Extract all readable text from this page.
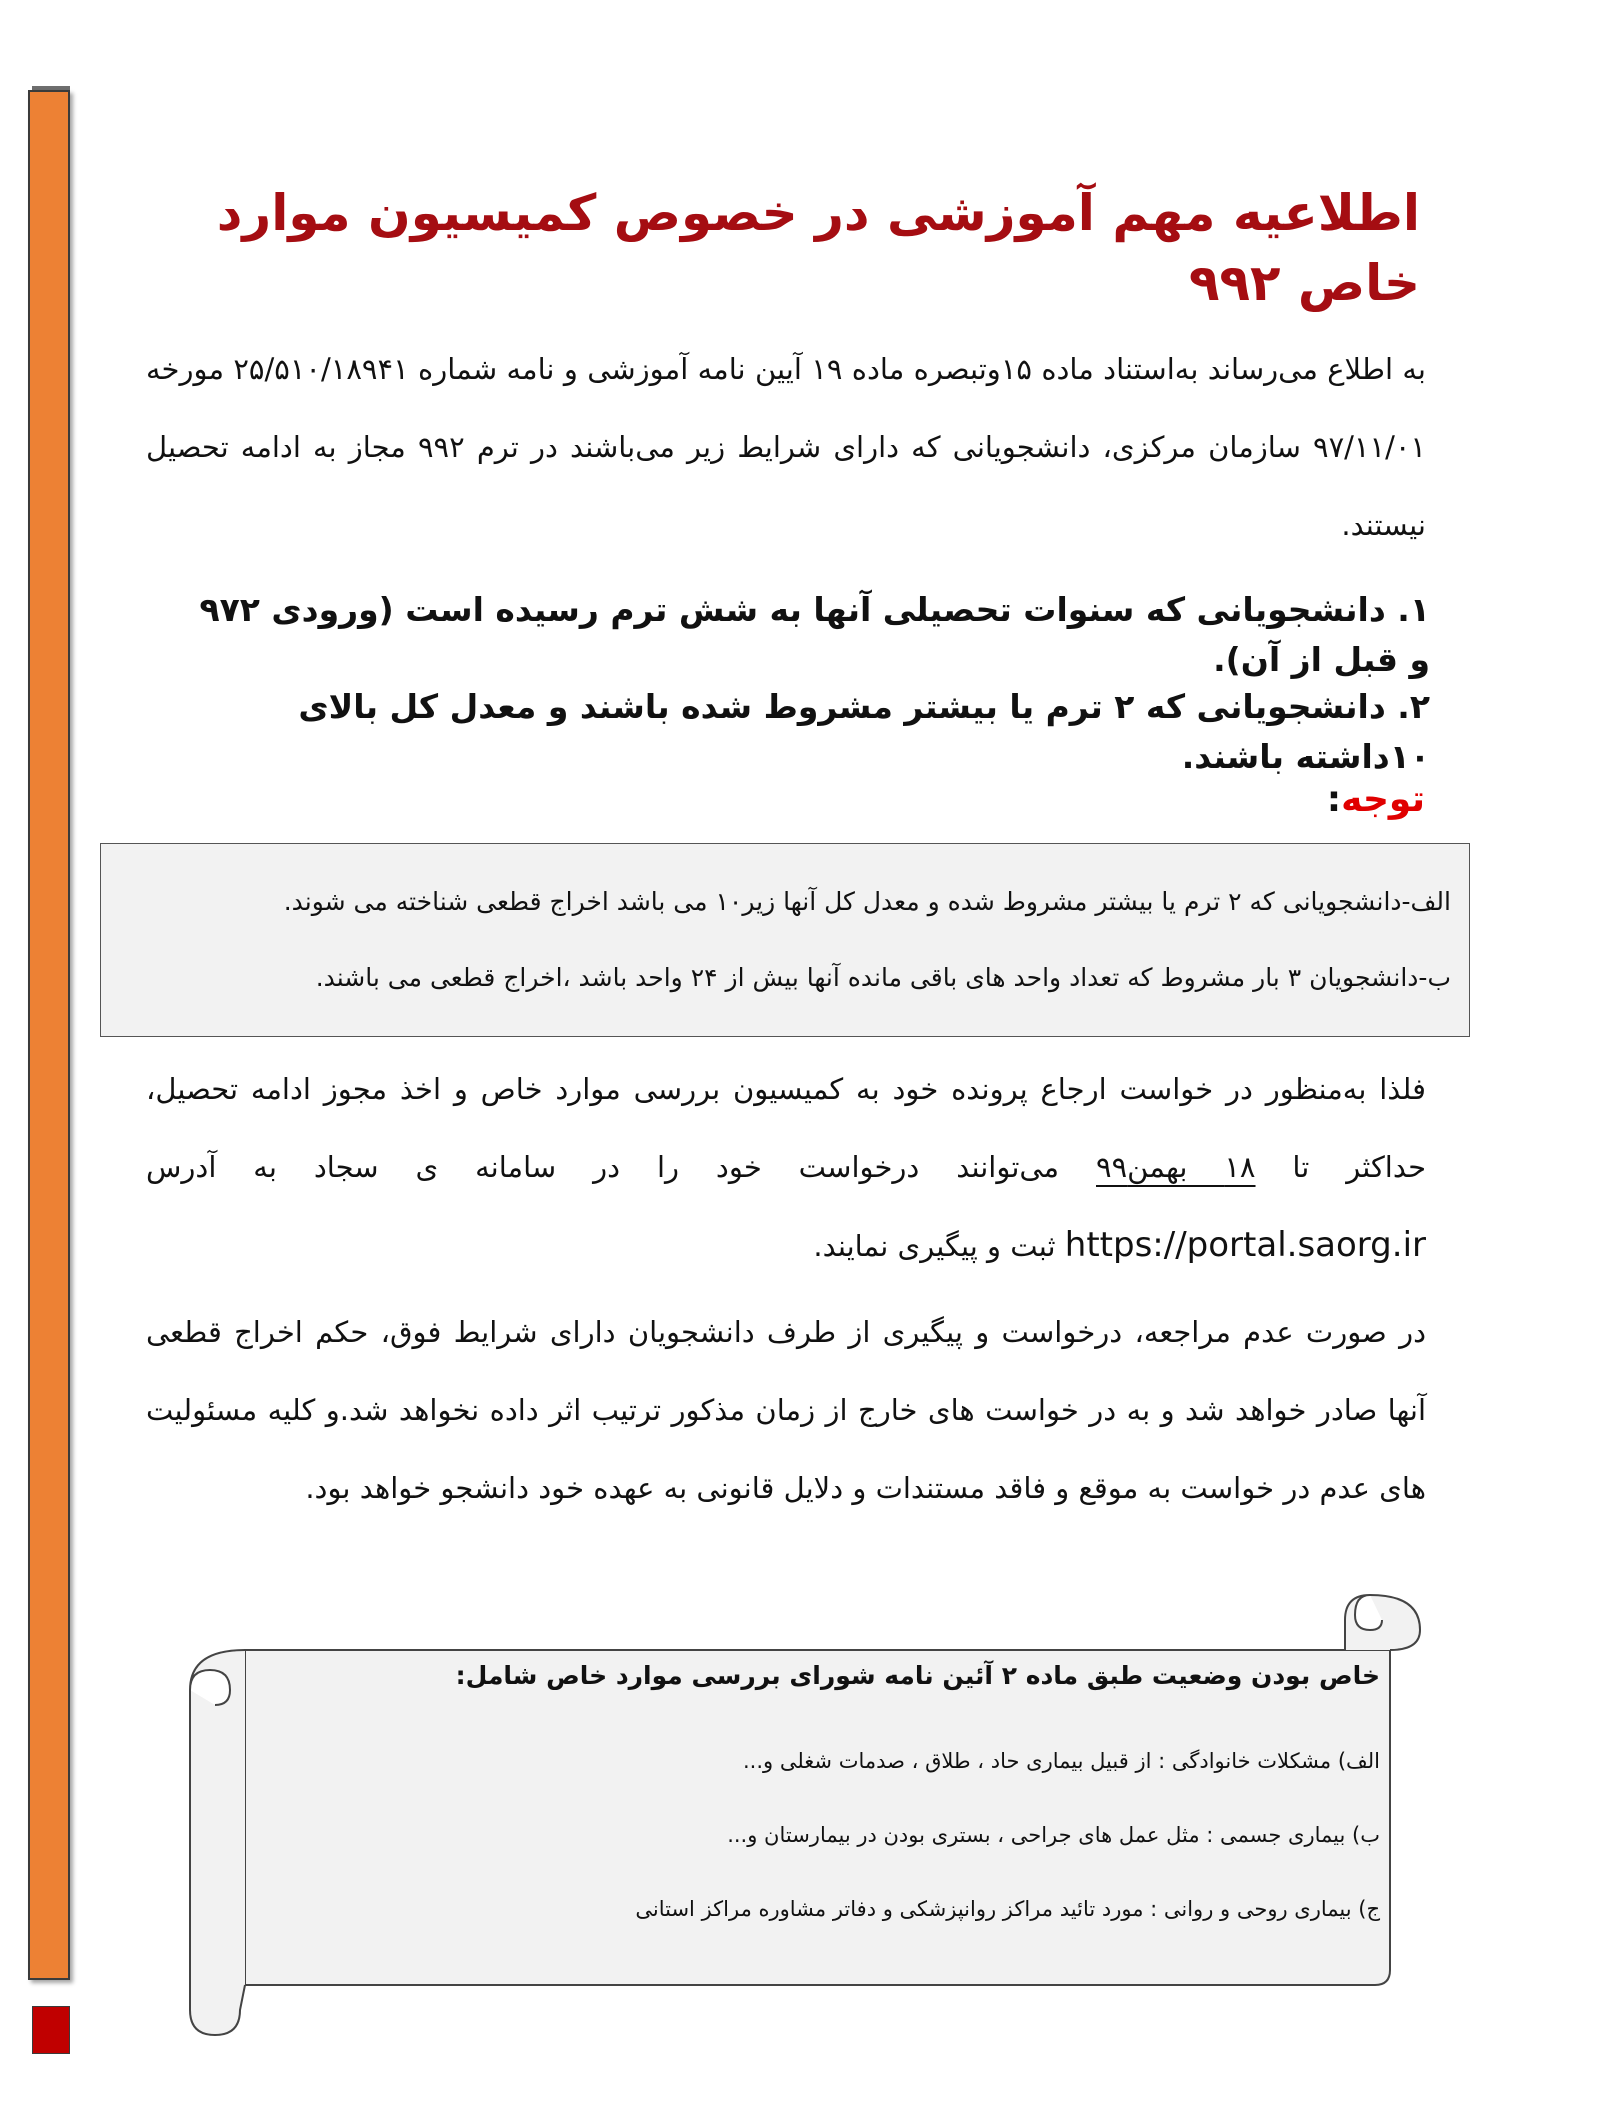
اطلاعیه مهم آموزشی در خصوص کمیسیون موارد خاص ۹۹۲

به اطلاع می‌رساند به‌استناد ماده ۱۵وتبصره ماده ۱۹ آیین نامه آموزشی و نامه شماره ۲۵/۵۱۰/۱۸۹۴۱ مورخه ۹۷/۱۱/۰۱ سازمان مرکزی، دانشجویانی که دارای شرایط زیر می‌باشند در ترم ۹۹۲ مجاز به ادامه تحصیل نیستند.

۱. دانشجویانی که سنوات تحصیلی آنها به شش ترم رسیده است (ورودی ۹۷۲ و قبل از آن).

۲. دانشجویانی که ۲ ترم یا بیشتر مشروط شده باشند و معدل کل بالای ۱۰داشته باشند.

توجه:

الف-دانشجویانی که ۲ ترم یا بیشتر مشروط شده و معدل کل آنها زیر۱۰ می باشد اخراج قطعی شناخته می شوند.

ب-دانشجویان ۳ بار مشروط که تعداد واحد های باقی مانده آنها بیش از ۲۴ واحد باشد ،اخراج قطعی می باشند.

فلذا به‌منظور در خواست ارجاع پرونده خود به کمیسیون بررسی موارد خاص و اخذ مجوز ادامه تحصیل، حداکثر تا ۱۸ بهمن۹۹ می‌توانند درخواست خود را در سامانه ی سجاد به آدرس https://portal.saorg.ir ثبت و پیگیری نمایند.

در صورت عدم مراجعه، درخواست و پیگیری از طرف دانشجویان دارای شرایط فوق، حکم اخراج قطعی آنها صادر خواهد شد و به در خواست های خارج از زمان مذکور ترتیب اثر داده نخواهد شد.و کلیه مسئولیت های عدم در خواست به موقع و فاقد مستندات و دلایل قانونی به عهده خود دانشجو خواهد بود.

خاص بودن وضعیت طبق ماده ۲ آئین نامه شورای بررسی موارد خاص شامل:

الف) مشکلات خانوادگی : از قبیل بیماری حاد ، طلاق ، صدمات شغلی و...

ب) بیماری جسمی : مثل عمل های جراحی ، بستری بودن در بیمارستان و...

ج) بیماری روحی و روانی : مورد تائید مراکز روانپزشکی و دفاتر مشاوره مراکز استانی
